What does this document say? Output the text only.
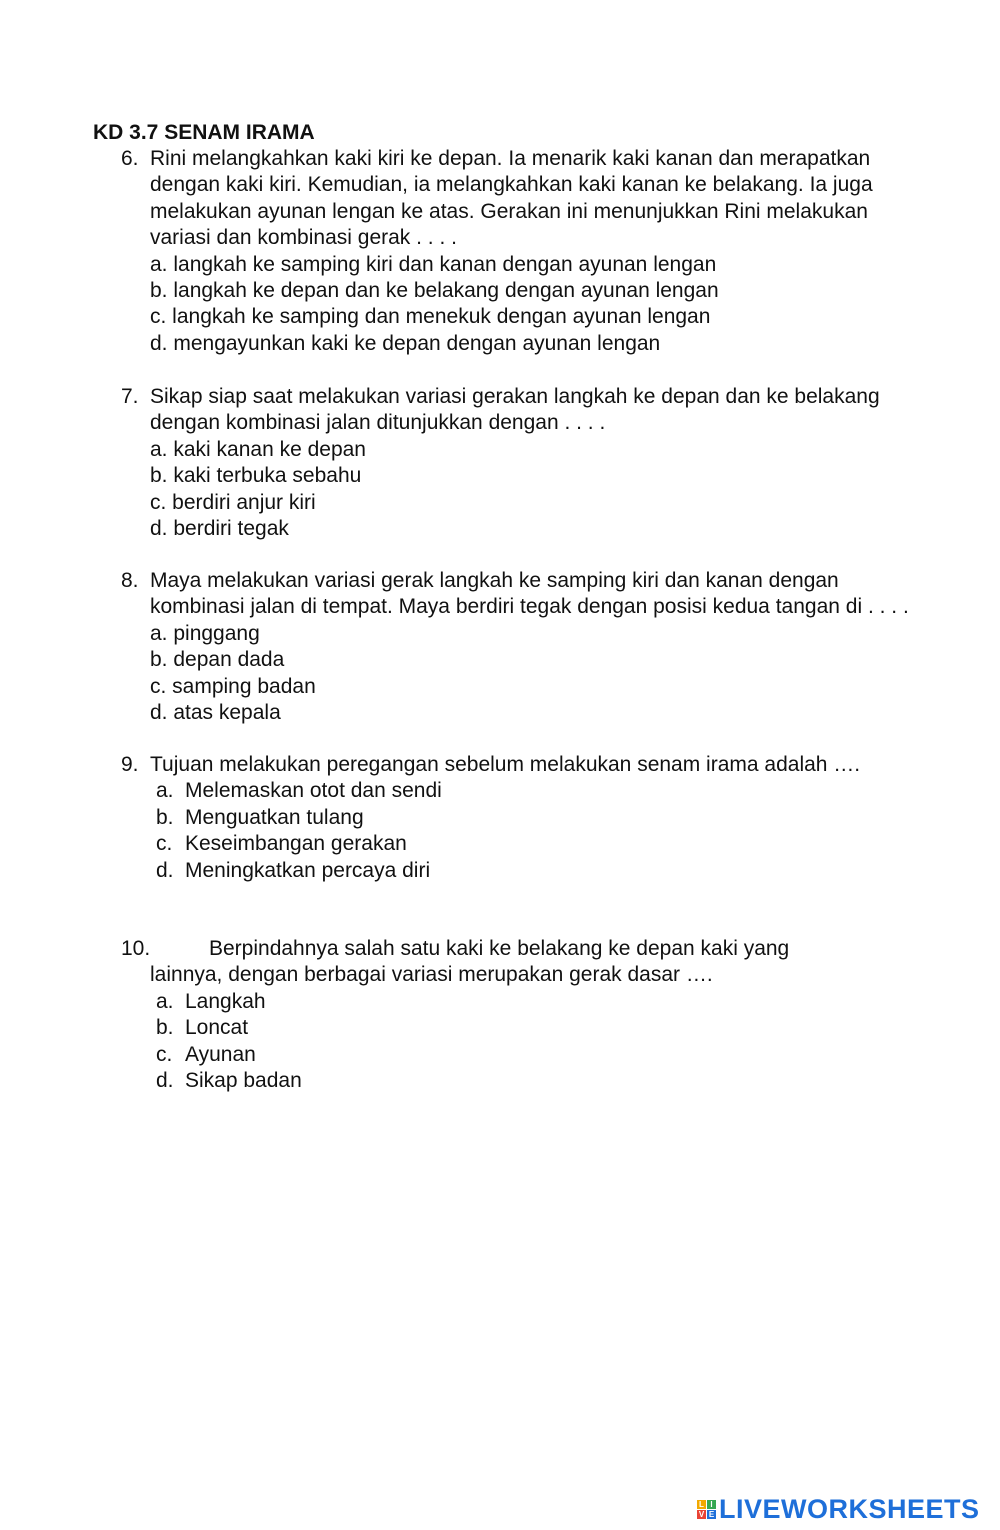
KD 3.7 SENAM IRAMA
6. Rini melangkahkan kaki kiri ke depan. Ia menarik kaki kanan dan merapatkan dengan kaki kiri. Kemudian, ia melangkahkan kaki kanan ke belakang. Ia juga melakukan ayunan lengan ke atas. Gerakan ini menunjukkan Rini melakukan variasi dan kombinasi gerak . . . .
a. langkah ke samping kiri dan kanan dengan ayunan lengan
b. langkah ke depan dan ke belakang dengan ayunan lengan
c. langkah ke samping dan menekuk dengan ayunan lengan
d. mengayunkan kaki ke depan dengan ayunan lengan
7. Sikap siap saat melakukan variasi gerakan langkah ke depan dan ke belakang dengan kombinasi jalan ditunjukkan dengan . . . .
a. kaki kanan ke depan
b. kaki terbuka sebahu
c. berdiri anjur kiri
d. berdiri tegak
8. Maya melakukan variasi gerak langkah ke samping kiri dan kanan dengan kombinasi jalan di tempat. Maya berdiri tegak dengan posisi kedua tangan di . . . .
a. pinggang
b. depan dada
c. samping badan
d. atas kepala
9. Tujuan melakukan peregangan sebelum melakukan senam irama adalah ….
a. Melemaskan otot dan sendi
b. Menguatkan tulang
c. Keseimbangan gerakan
d. Meningkatkan percaya diri
10.	Berpindahnya salah satu kaki ke belakang ke depan kaki yang
lainnya, dengan berbagai variasi merupakan gerak dasar ….
a. Langkah
b. Loncat
c. Ayunan
d. Sikap badan
L I
V E LIVEWORKSHEETS
